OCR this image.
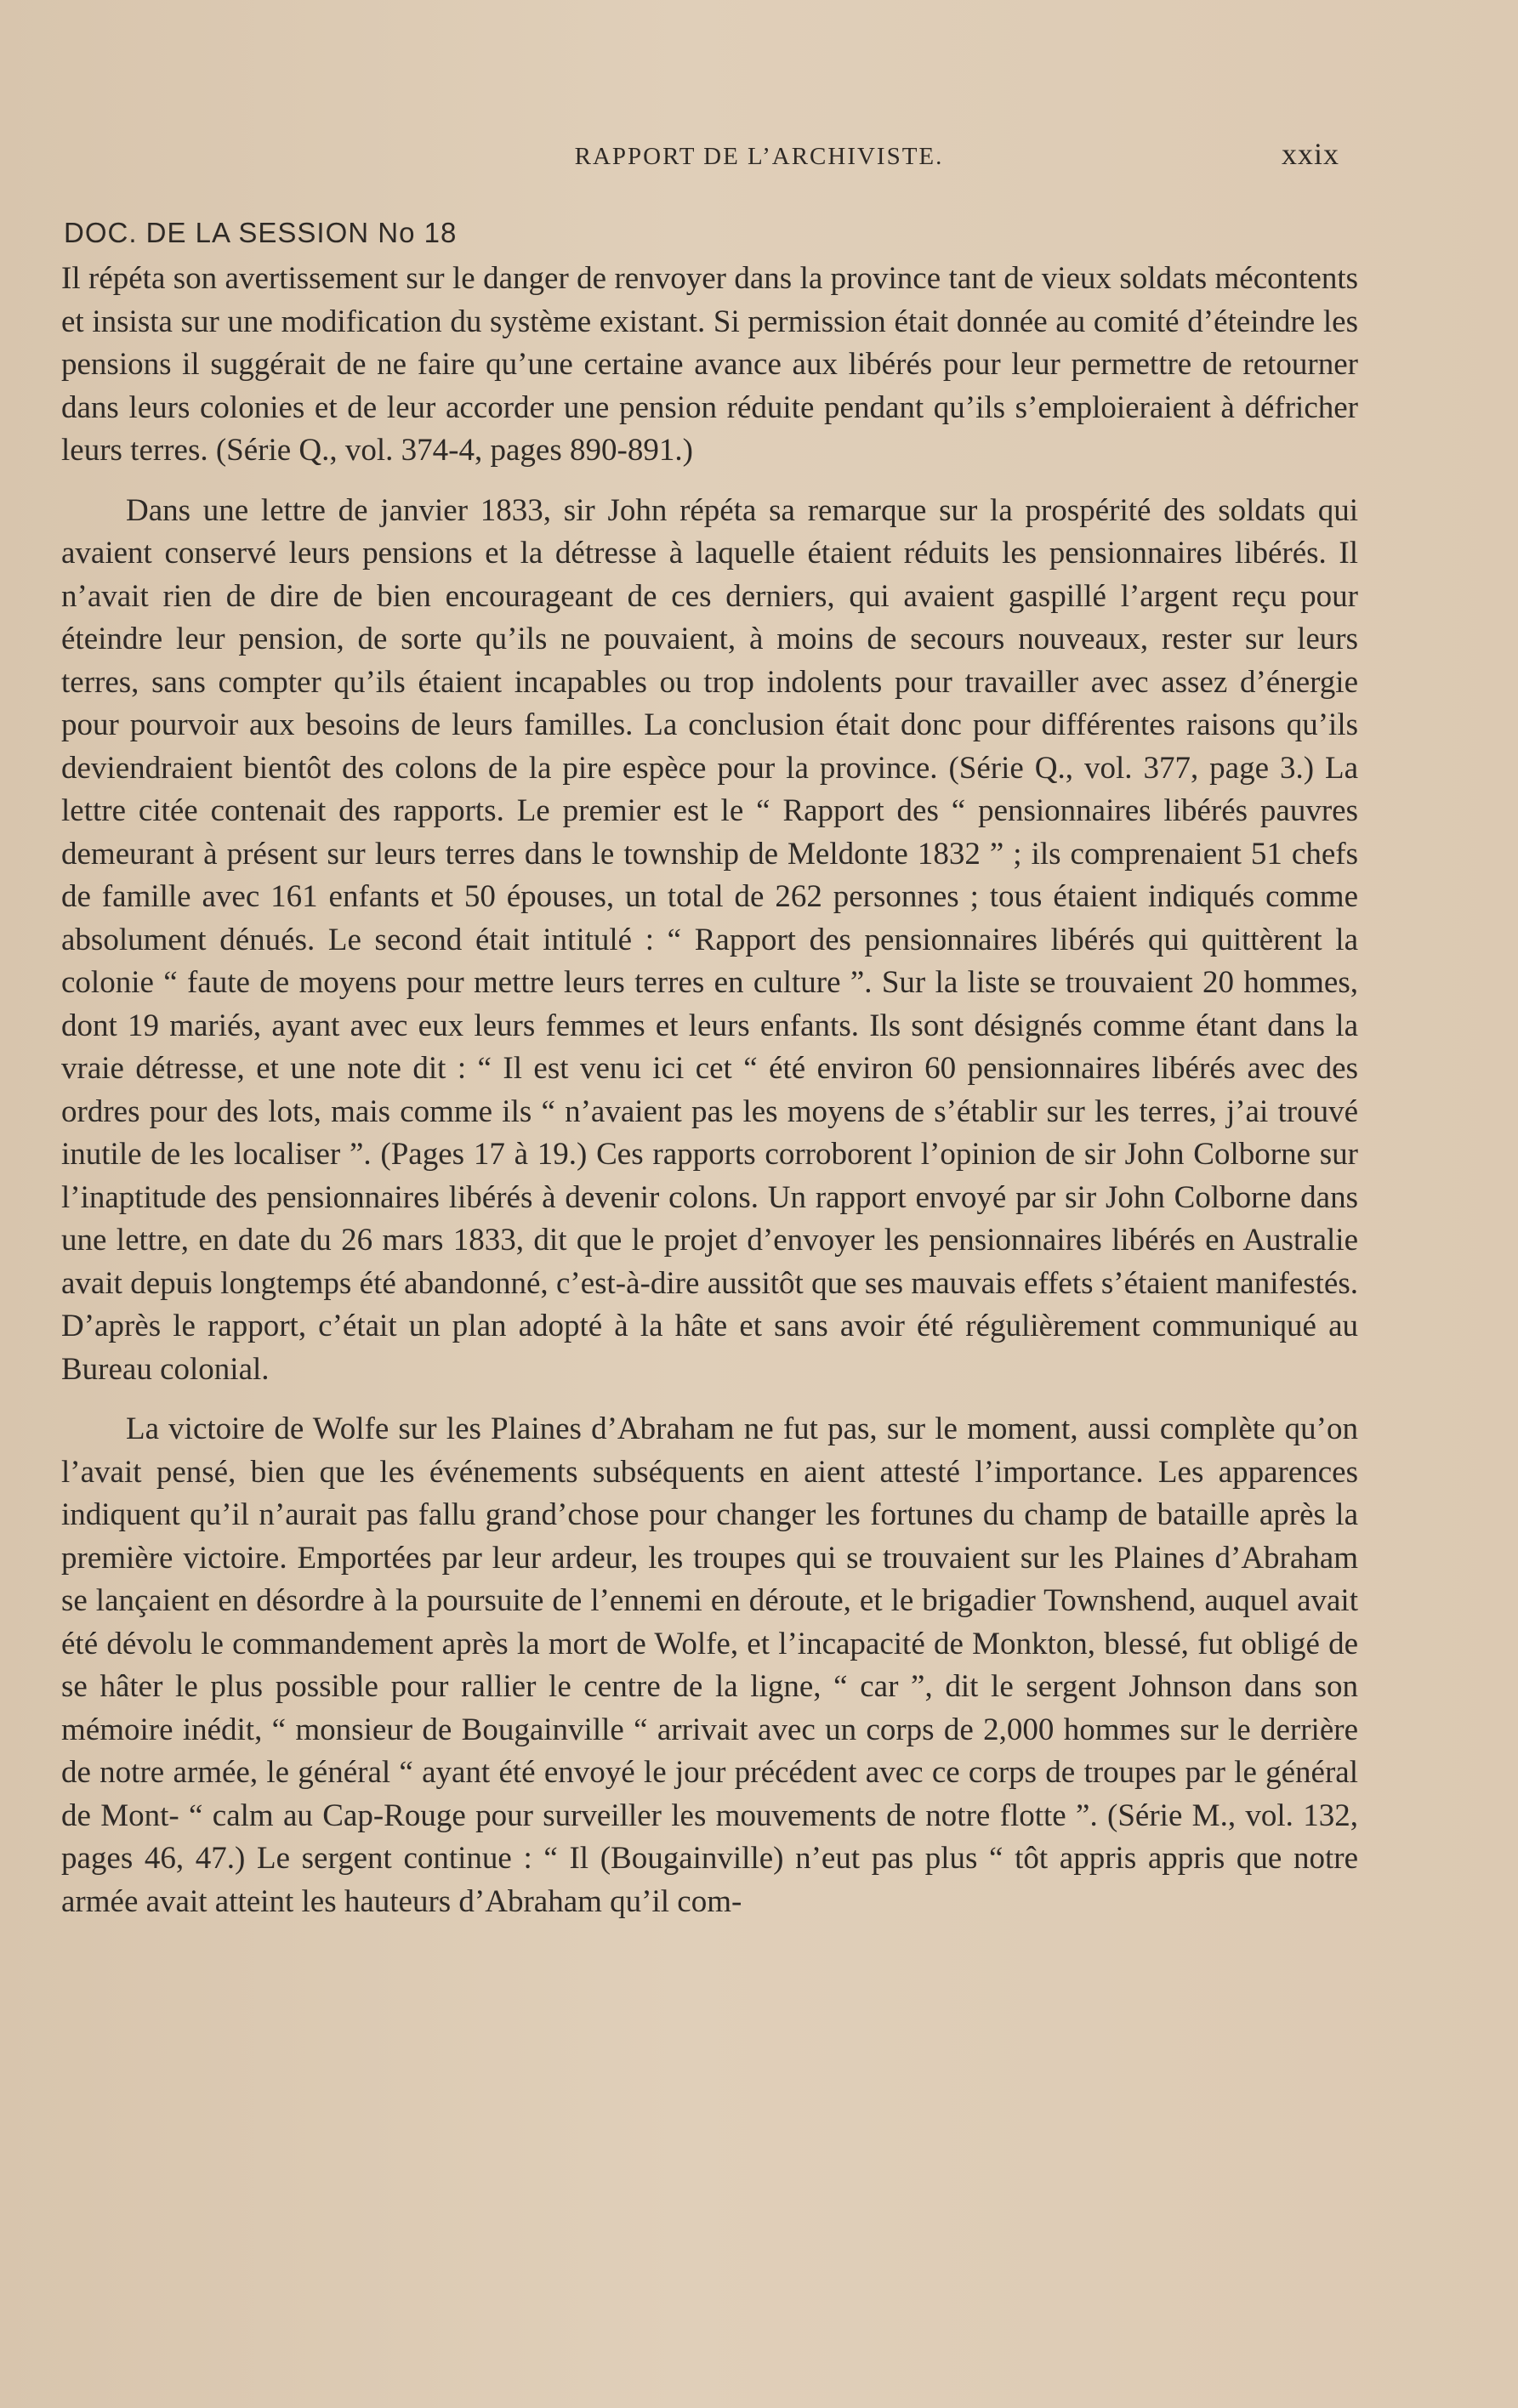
RAPPORT DE L’ARCHIVISTE.	xxix
DOC. DE LA SESSION No 18

Il répéta son avertissement sur le danger de renvoyer dans la province tant de vieux soldats mécontents et insista sur une modification du système existant. Si permission était donnée au comité d’éteindre les pensions il suggérait de ne faire qu’une certaine avance aux libérés pour leur permettre de retourner dans leurs colonies et de leur accorder une pension réduite pendant qu’ils s’emploieraient à défricher leurs terres. (Série Q., vol. 374-4, pages 890-891.)

Dans une lettre de janvier 1833, sir John répéta sa remarque sur la prospérité des soldats qui avaient conservé leurs pensions et la détresse à laquelle étaient réduits les pensionnaires libérés. Il n’avait rien de dire de bien encourageant de ces derniers, qui avaient gaspillé l’argent reçu pour éteindre leur pension, de sorte qu’ils ne pouvaient, à moins de secours nouveaux, rester sur leurs terres, sans compter qu’ils étaient incapables ou trop indolents pour travailler avec assez d’énergie pour pourvoir aux besoins de leurs familles. La conclusion était donc pour différentes raisons qu’ils deviendraient bientôt des colons de la pire espèce pour la province. (Série Q., vol. 377, page 3.) La lettre citée contenait des rapports. Le premier est le “ Rapport des “ pensionnaires libérés pauvres demeurant à présent sur leurs terres dans le township de Meldonte 1832 ” ; ils comprenaient 51 chefs de famille avec 161 enfants et 50 épouses, un total de 262 personnes ; tous étaient indiqués comme absolument dénués. Le second était intitulé : “ Rapport des pensionnaires libérés qui quittèrent la colonie “ faute de moyens pour mettre leurs terres en culture ”. Sur la liste se trouvaient 20 hommes, dont 19 mariés, ayant avec eux leurs femmes et leurs enfants. Ils sont désignés comme étant dans la vraie détresse, et une note dit : “ Il est venu ici cet “ été environ 60 pensionnaires libérés avec des ordres pour des lots, mais comme ils “ n’avaient pas les moyens de s’établir sur les terres, j’ai trouvé inutile de les localiser ”. (Pages 17 à 19.) Ces rapports corroborent l’opinion de sir John Colborne sur l’inaptitude des pensionnaires libérés à devenir colons. Un rapport envoyé par sir John Colborne dans une lettre, en date du 26 mars 1833, dit que le projet d’envoyer les pensionnaires libérés en Australie avait depuis longtemps été abandonné, c’est-à-dire aussitôt que ses mauvais effets s’étaient manifestés. D’après le rapport, c’était un plan adopté à la hâte et sans avoir été régulièrement communiqué au Bureau colonial.

La victoire de Wolfe sur les Plaines d’Abraham ne fut pas, sur le moment, aussi complète qu’on l’avait pensé, bien que les événements subséquents en aient attesté l’importance. Les apparences indiquent qu’il n’aurait pas fallu grand’chose pour changer les fortunes du champ de bataille après la première victoire. Emportées par leur ardeur, les troupes qui se trouvaient sur les Plaines d’Abraham se lançaient en désordre à la poursuite de l’ennemi en déroute, et le brigadier Townshend, auquel avait été dévolu le commandement après la mort de Wolfe, et l’incapacité de Monkton, blessé, fut obligé de se hâter le plus possible pour rallier le centre de la ligne, “ car ”, dit le sergent Johnson dans son mémoire inédit, “ monsieur de Bougainville “ arrivait avec un corps de 2,000 hommes sur le derrière de notre armée, le général “ ayant été envoyé le jour précédent avec ce corps de troupes par le général de Mont- “ calm au Cap-Rouge pour surveiller les mouvements de notre flotte ”. (Série M., vol. 132, pages 46, 47.) Le sergent continue : “ Il (Bougainville) n’eut pas plus “ tôt appris appris que notre armée avait atteint les hauteurs d’Abraham qu’il com-
